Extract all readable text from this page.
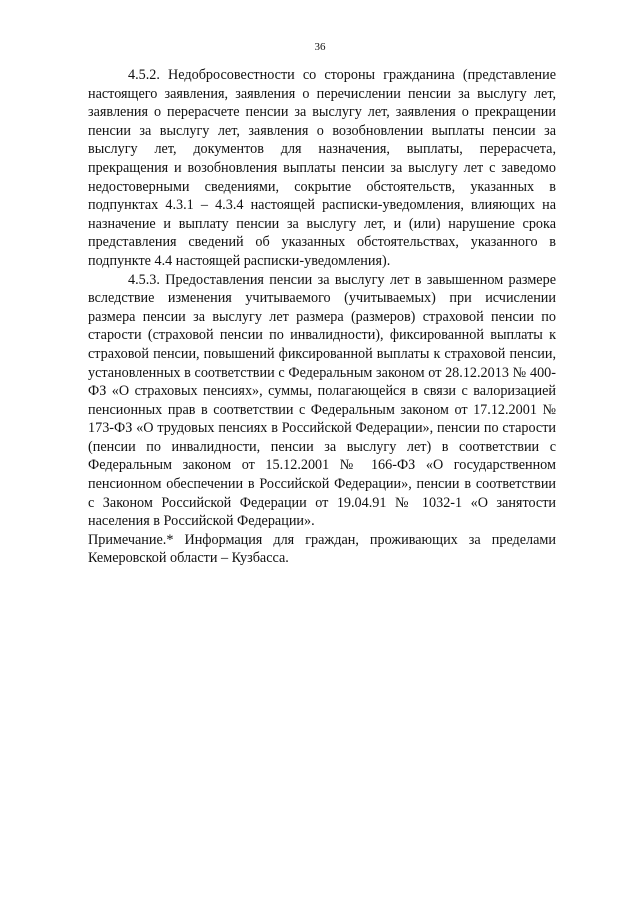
36

4.5.2. Недобросовестности со стороны гражданина (представление настоящего заявления, заявления о перечислении пенсии за выслугу лет, заявления о перерасчете пенсии за выслугу лет, заявления о прекращении пенсии за выслугу лет, заявления о возобновлении выплаты пенсии за выслугу лет, документов для назначения, выплаты, перерасчета, прекращения и возобновления выплаты пенсии за выслугу лет с заведомо недостоверными сведениями, сокрытие обстоятельств, указанных в подпунктах 4.3.1 – 4.3.4 настоящей расписки-уведомления, влияющих на назначение и выплату пенсии за выслугу лет, и (или) нарушение срока представления сведений об указанных обстоятельствах, указанного в подпункте 4.4 настоящей расписки-уведомления).

4.5.3. Предоставления пенсии за выслугу лет в завышенном размере вследствие изменения учитываемого (учитываемых) при исчислении размера пенсии за выслугу лет размера (размеров) страховой пенсии по старости (страховой пенсии по инвалидности), фиксированной выплаты к страховой пенсии, повышений фиксированной выплаты к страховой пенсии, установленных в соответствии с Федеральным законом от 28.12.2013 № 400-ФЗ «О страховых пенсиях», суммы, полагающейся в связи с валоризацией пенсионных прав в соответствии с Федеральным законом от 17.12.2001 № 173-ФЗ «О трудовых пенсиях в Российской Федерации», пенсии по старости (пенсии по инвалидности, пенсии за выслугу лет) в соответствии с Федеральным законом от 15.12.2001 № 166-ФЗ «О государственном пенсионном обеспечении в Российской Федерации», пенсии в соответствии с Законом Российской Федерации от 19.04.91 № 1032-1 «О занятости населения в Российской Федерации».

Примечание.* Информация для граждан, проживающих за пределами Кемеровской области – Кузбасса.
